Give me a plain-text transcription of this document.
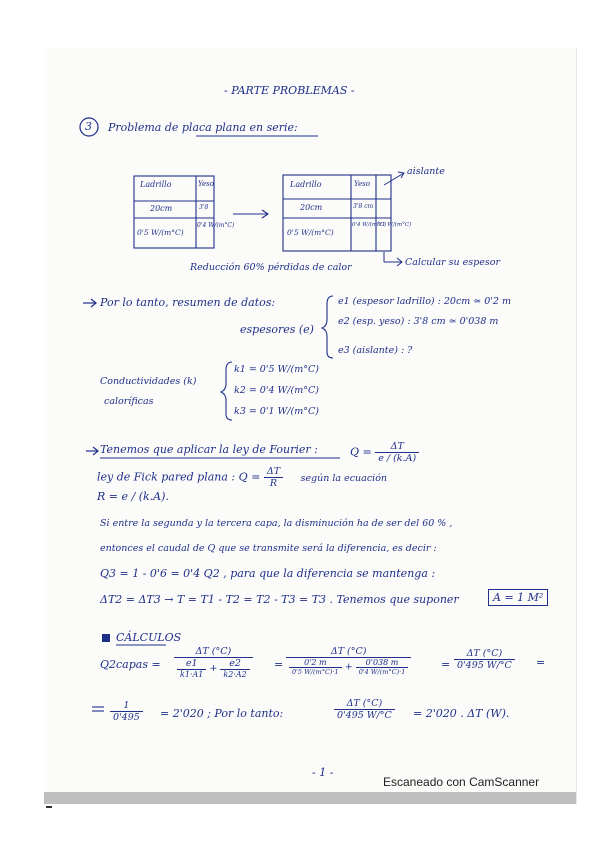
- PARTE PROBLEMAS -
3 Problema de placa plana en serie:
Ladrillo	Yeso
20cm
0'5 W/(m°C)
3'8
0'4 W/(m°C)
Ladrillo	Yeso
20cm
0'5 W/(m°C)
3'8 cm
0'4 W/(m°C)
0'1 W/(m°C)
aislante
Calcular su espesor
Reducción 60% pérdidas de calor
Por lo tanto, resumen de datos:
espesores (e)
e1 (espesor ladrillo) : 20cm ≃ 0'2 m
e2 (esp. yeso) : 3'8 cm ≃ 0'038 m
e3 (aislante) : ?
Conductividades (k)
caloríficas
k1 = 0'5 W/(m°C)
k2 = 0'4 W/(m°C)
k3 = 0'1 W/(m°C)
Tenemos que aplicar la ley de Fourier :	$Q = \frac{\Delta T}{e / (k.A)}$
ley de Fick pared plana : $Q = \frac{\Delta T}{R}$ según la ecuación
R = e / (k.A).
Si entre la segunda y la tercera capa, la disminución ha de ser del 60 % ,
entonces el caudal de Q que se transmite será la diferencia, es decir :
Q3 = 1 - 0'6 = 0'4 Q2 , para que la diferencia se mantenga :
ΔT2 = ΔT3 → T = T1 - T2 = T2 - T3 = T3 . Tenemos que suponer	A = 1 M²
CÁLCULOS
Q2capas =
ΔT (°C)
$\frac{e1}{k1\cdot A1} + \frac{e2}{k2\cdot A2}$ =
ΔT (°C)
$\frac{0'2 m}{0'5 W/(m^\circ C)\cdot 1} + \frac{0'038 m}{0'4 W/(m^\circ C)\cdot 1}$	= $\frac{\Delta T (^\circ C)}{0'495 W/^\circ C}$ =
$\frac{1}{0'495} = 2'020$ ; Por lo tanto:	$\frac{\Delta T (^\circ C)}{0'495 W/^\circ C} = 2'020$ . ΔT (W).
- 1 -
Escaneado con CamScanner
